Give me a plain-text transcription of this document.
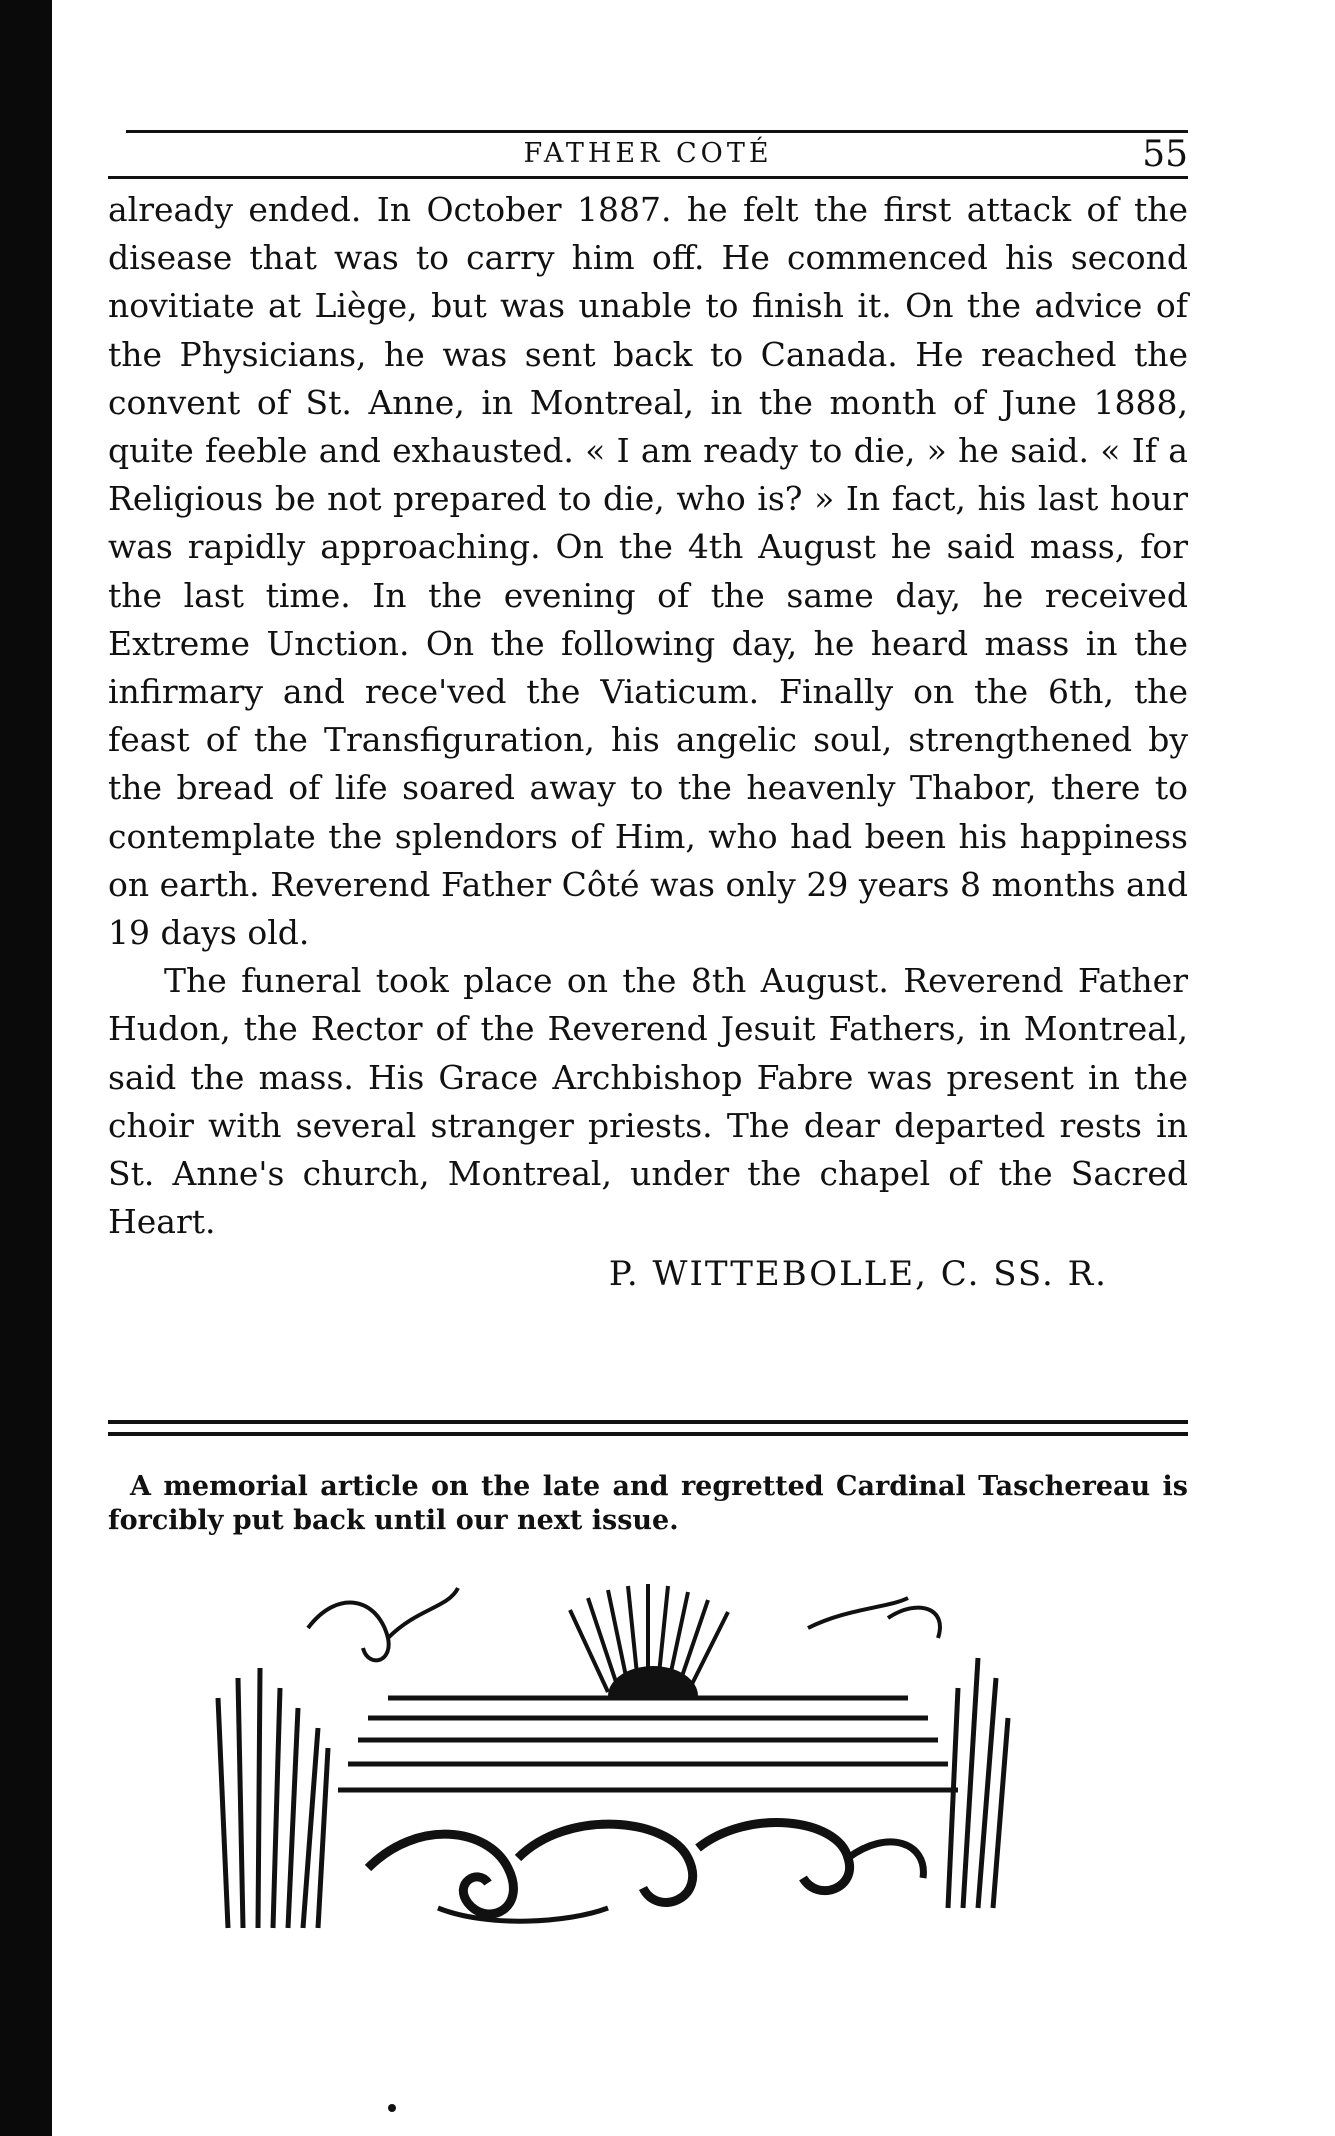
FATHER COTÉ	55

already ended. In October 1887. he felt the first attack of the disease that was to carry him off. He commenced his second novitiate at Liège, but was unable to finish it. On the advice of the Physicians, he was sent back to Canada. He reached the convent of St. Anne, in Montreal, in the month of June 1888, quite feeble and exhausted. « I am ready to die, » he said. « If a Religious be not prepared to die, who is? » In fact, his last hour was rapidly approaching. On the 4th August he said mass, for the last time. In the evening of the same day, he received Extreme Unction. On the following day, he heard mass in the infirmary and rece'ved the Viaticum. Finally on the 6th, the feast of the Transfiguration, his angelic soul, strengthened by the bread of life soared away to the heavenly Thabor, there to contemplate the splendors of Him, who had been his happiness on earth. Reverend Father Côté was only 29 years 8 months and 19 days old.

The funeral took place on the 8th August. Reverend Father Hudon, the Rector of the Reverend Jesuit Fathers, in Montreal, said the mass. His Grace Archbishop Fabre was present in the choir with several stranger priests. The dear departed rests in St. Anne's church, Montreal, under the chapel of the Sacred Heart.

P. WITTEBOLLE, C. SS. R.
A memorial article on the late and regretted Cardinal Taschereau is forcibly put back until our next issue.
